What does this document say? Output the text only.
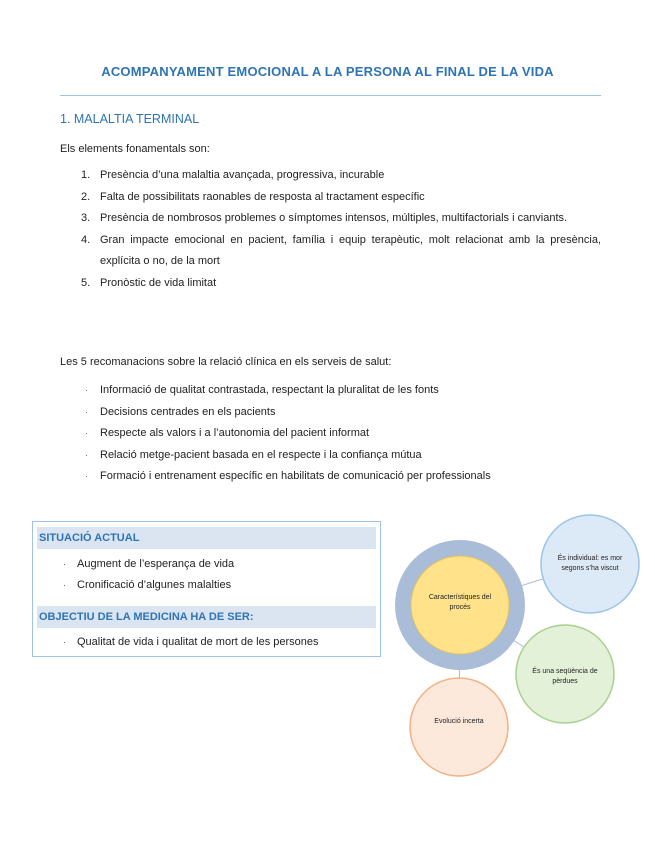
ACOMPANYAMENT EMOCIONAL A LA PERSONA AL FINAL DE LA VIDA
1. MALALTIA TERMINAL
Els elements fonamentals son:
1. Presència d’una malaltia avançada, progressiva, incurable
2. Falta de possibilitats raonables de resposta al tractament específic
3. Presència de nombrosos problemes o símptomes intensos, múltiples, multifactorials i canviants.
4. Gran impacte emocional en pacient, família i equip terapèutic, molt relacionat amb la presència, explícita o no, de la mort
5. Pronòstic de vida limitat
Les 5 recomanacions sobre la relació clínica en els serveis de salut:
· Informació de qualitat contrastada, respectant la pluralitat de les fonts
· Decisions centrades en els pacients
· Respecte als valors i a l’autonomia del pacient informat
· Relació metge-pacient basada en el respecte i la confiança mútua
· Formació i entrenament específic en habilitats de comunicació per professionals
SITUACIÓ ACTUAL
· Augment de l’esperança de vida
· Cronificació d’algunes malalties
OBJECTIU DE LA MEDICINA HA DE SER:
· Qualitat de vida i qualitat de mort de les persones
Característiques del procés
És individual: es mor segons s’ha viscut
És una seqüència de pèrdues
Evolució incerta
